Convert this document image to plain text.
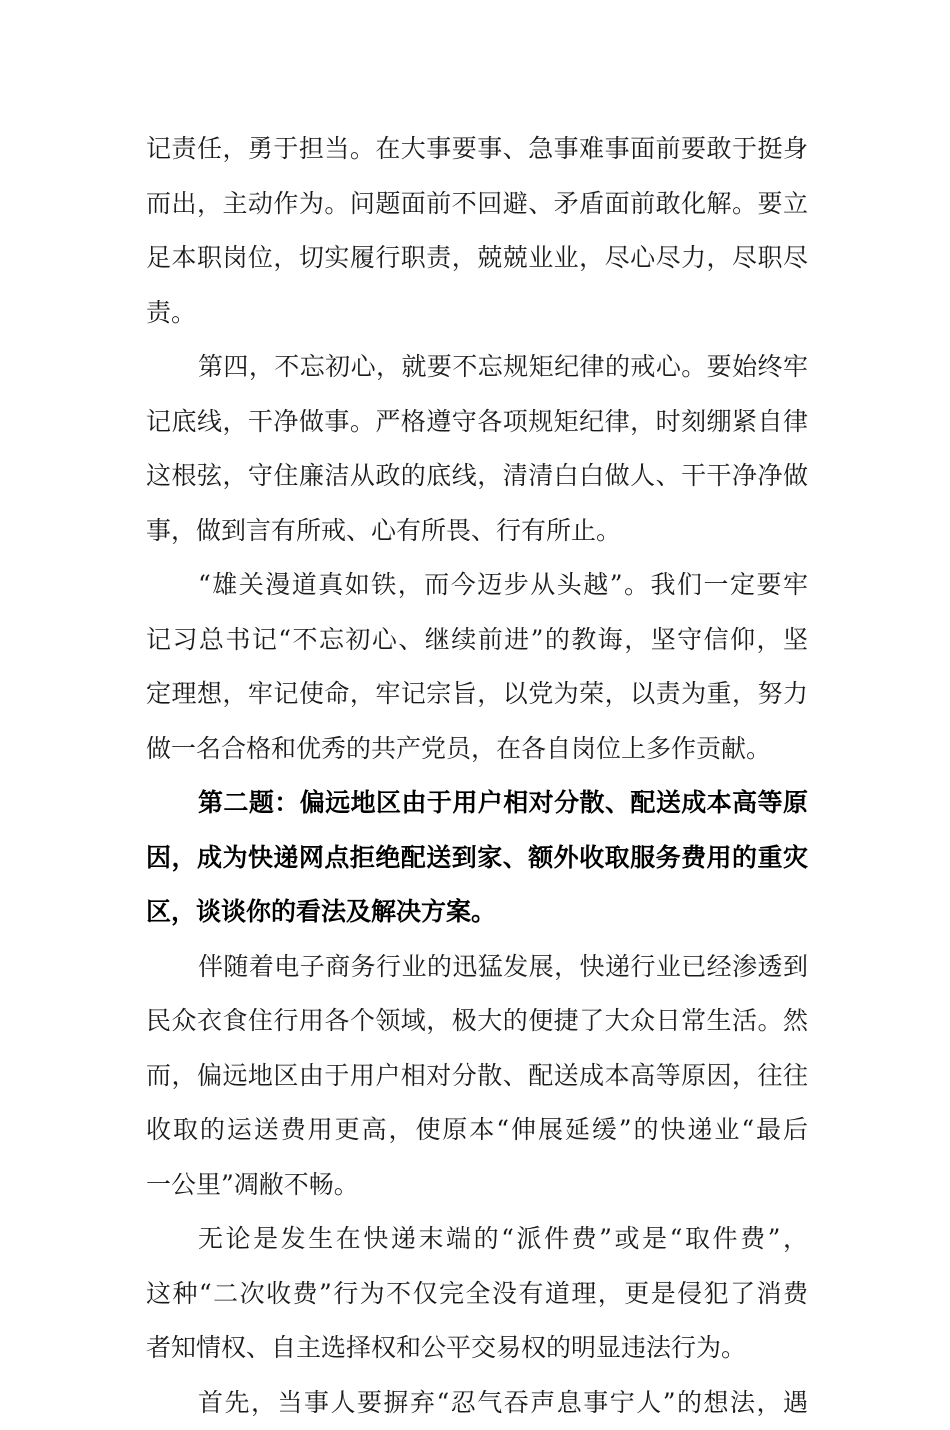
记责任，勇于担当。在大事要事、急事难事面前要敢于挺身
而出，主动作为。问题面前不回避、矛盾面前敢化解。要立
足本职岗位，切实履行职责，兢兢业业，尽心尽力，尽职尽
责。
第四，不忘初心，就要不忘规矩纪律的戒心。要始终牢
记底线，干净做事。严格遵守各项规矩纪律，时刻绷紧自律
这根弦，守住廉洁从政的底线，清清白白做人、干干净净做
事，做到言有所戒、心有所畏、行有所止。
“雄关漫道真如铁，而今迈步从头越”。我们一定要牢
记习总书记“不忘初心、继续前进”的教诲，坚守信仰，坚
定理想，牢记使命，牢记宗旨，以党为荣，以责为重，努力
做一名合格和优秀的共产党员，在各自岗位上多作贡献。
第二题：偏远地区由于用户相对分散、配送成本高等原
因，成为快递网点拒绝配送到家、额外收取服务费用的重灾
区，谈谈你的看法及解决方案。
伴随着电子商务行业的迅猛发展，快递行业已经渗透到
民众衣食住行用各个领域，极大的便捷了大众日常生活。然
而，偏远地区由于用户相对分散、配送成本高等原因，往往
收取的运送费用更高，使原本“伸展延缓”的快递业“最后
一公里”凋敝不畅。
无论是发生在快递末端的“派件费”或是“取件费”，
这种“二次收费”行为不仅完全没有道理，更是侵犯了消费
者知情权、自主选择权和公平交易权的明显违法行为。
首先，当事人要摒弃“忍气吞声息事宁人”的想法，遇
